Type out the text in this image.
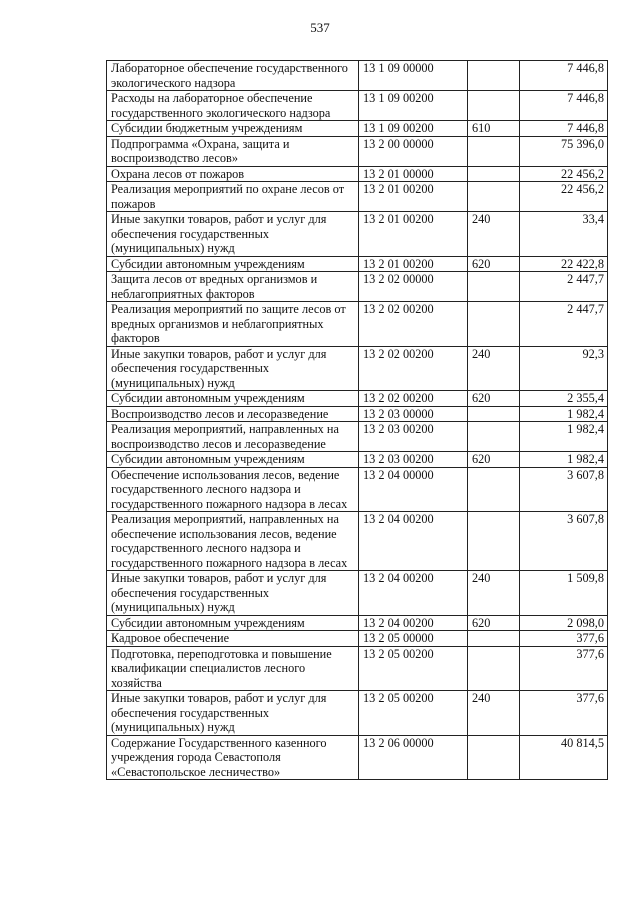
537
Лабораторное обеспечение государственного экологического надзора	13 1 09 00000		7 446,8
Расходы на лабораторное обеспечение государственного экологического надзора	13 1 09 00200		7 446,8
Субсидии бюджетным учреждениям	13 1 09 00200	610	7 446,8
Подпрограмма «Охрана, защита и воспроизводство лесов»	13 2 00 00000		75 396,0
Охрана лесов от пожаров	13 2 01 00000		22 456,2
Реализация мероприятий по охране лесов от пожаров	13 2 01 00200		22 456,2
Иные закупки товаров, работ и услуг для обеспечения государственных (муниципальных) нужд	13 2 01 00200	240	33,4
Субсидии автономным учреждениям	13 2 01 00200	620	22 422,8
Защита лесов от вредных организмов и неблагоприятных факторов	13 2 02 00000		2 447,7
Реализация мероприятий по защите лесов от вредных организмов и неблагоприятных факторов	13 2 02 00200		2 447,7
Иные закупки товаров, работ и услуг для обеспечения государственных (муниципальных) нужд	13 2 02 00200	240	92,3
Субсидии автономным учреждениям	13 2 02 00200	620	2 355,4
Воспроизводство лесов и лесоразведение	13 2 03 00000		1 982,4
Реализация мероприятий, направленных на воспроизводство лесов и лесоразведение	13 2 03 00200		1 982,4
Субсидии автономным учреждениям	13 2 03 00200	620	1 982,4
Обеспечение использования лесов, ведение государственного лесного надзора и государственного пожарного надзора в лесах	13 2 04 00000		3 607,8
Реализация мероприятий, направленных на обеспечение использования лесов, ведение государственного лесного надзора и государственного пожарного надзора в лесах	13 2 04 00200		3 607,8
Иные закупки товаров, работ и услуг для обеспечения государственных (муниципальных) нужд	13 2 04 00200	240	1 509,8
Субсидии автономным учреждениям	13 2 04 00200	620	2 098,0
Кадровое обеспечение	13 2 05 00000		377,6
Подготовка, переподготовка и повышение квалификации специалистов лесного хозяйства	13 2 05 00200		377,6
Иные закупки товаров, работ и услуг для обеспечения государственных (муниципальных) нужд	13 2 05 00200	240	377,6
Содержание Государственного казенного учреждения города Севастополя «Севастопольское лесничество»	13 2 06 00000		40 814,5
